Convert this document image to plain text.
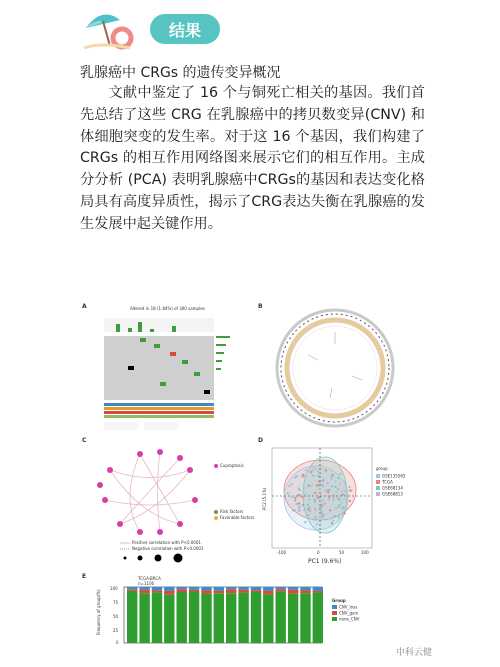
结果
乳腺癌中 CRGs 的遗传变异概况

文献中鉴定了 16 个与铜死亡相关的基因。我们首先总结了这些 CRG 在乳腺癌中的拷贝数变异(CNV) 和体细胞突变的发生率。对于这 16 个基因，我们构建了 CRGs 的相互作用网络图来展示它们的相互作用。主成分分析 (PCA) 表明乳腺癌中CRGs的基因和表达变化格局具有高度异质性，揭示了CRG表达失衡在乳腺癌的发生发展中起关键作用。

A	B
C	D
E
Altered in 18 (1.84%) of 300 samples
Cuproptosis
Risk factors
Favorable factors
Positive correlation with P<0.0001
Negative correlation with P<0.0001
group
GSE135565
TCGA
GSE68134
GSE68813
-100	0	50	100
PC1 (9.6%)
PC2 (5.1%)
TCGA-BRCA
n=1106
Frequency of group(%)
100
75
50
25
0
Group
CNV_loss
CNV_gain
none_CNV
中科云健
